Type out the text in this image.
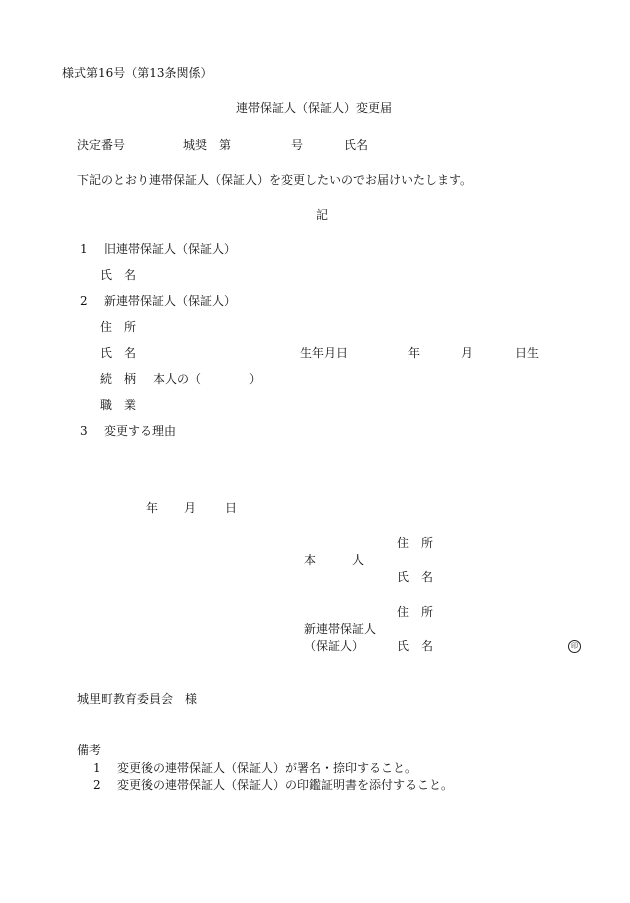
様式第16号（第13条関係）
連帯保証人（保証人）変更届
決定番号	城奨　第	号	氏名
下記のとおり連帯保証人（保証人）を変更したいのでお届けいたします。
記
1 旧連帯保証人（保証人）
氏　名
2 新連帯保証人（保証人）
住　所
氏　名	生年月日	年	月	日生
続　柄 本人の（　　　　）
職　業
3 変更する理由
年 月 日
住　所
本　　　人
氏　名
住　所
新連帯保証人
（保証人）	氏　名	印
城里町教育委員会　様
備考
1 変更後の連帯保証人（保証人）が署名・捺印すること。
2 変更後の連帯保証人（保証人）の印鑑証明書を添付すること。
